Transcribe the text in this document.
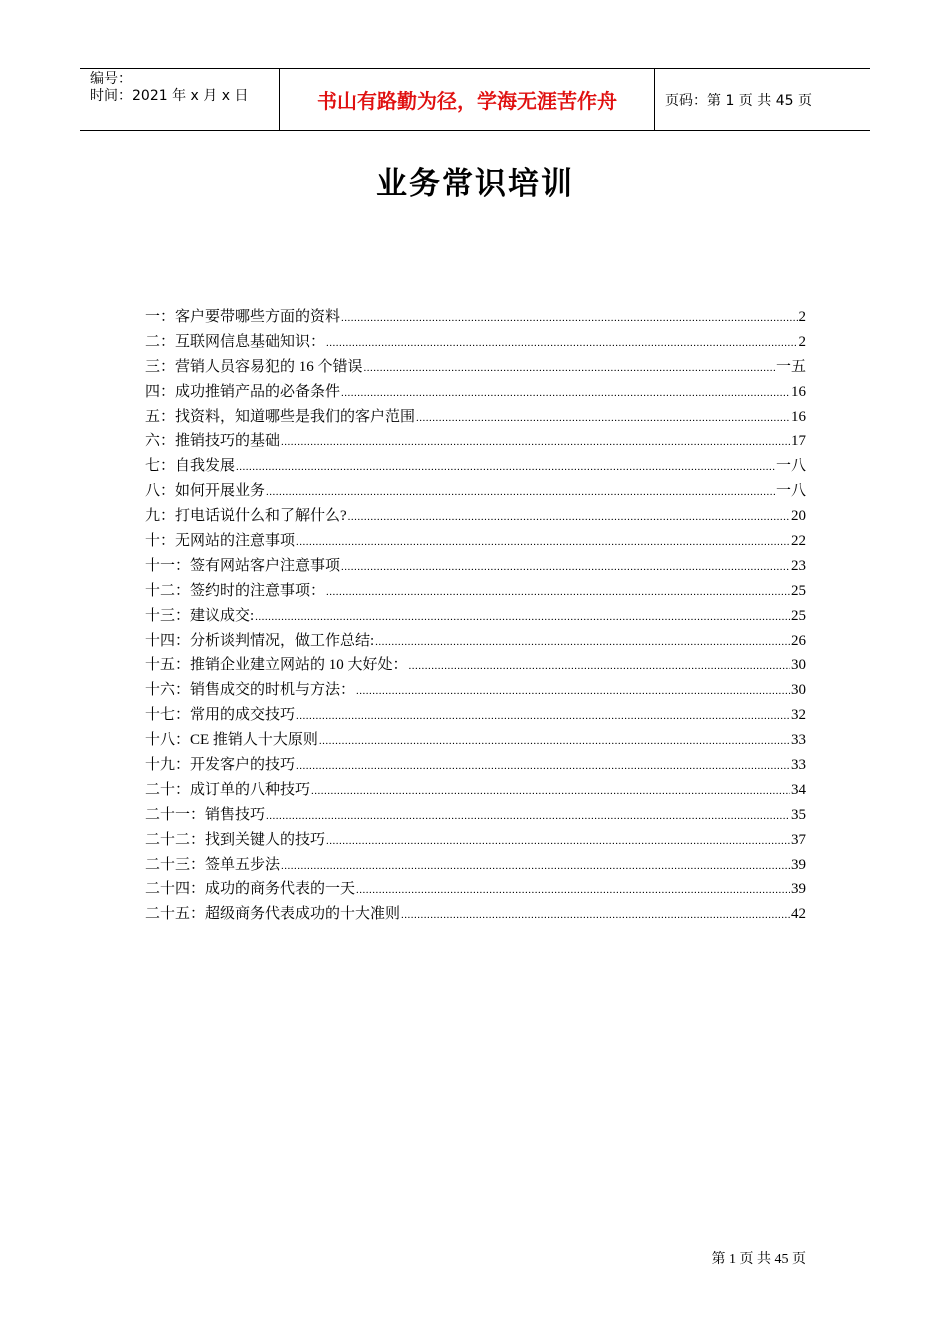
编号：
时间：2021 年 x 月 x 日	书山有路勤为径，学海无涯苦作舟	页码：第 1 页 共 45 页
业务常识培训
一：客户要带哪些方面的资料 .....	2
二：互联网信息基础知识： .....	2
三：营销人员容易犯的 16 个错误 .....	一五
四：成功推销产品的必备条件 .....	16
五：找资料，知道哪些是我们的客户范围 .....	16
六：推销技巧的基础 .....	17
七：自我发展 .....	一八
八：如何开展业务 .....	一八
九：打电话说什么和了解什么? .....	20
十：无网站的注意事项 .....	22
十一：签有网站客户注意事项 .....	23
十二：签约时的注意事项： .....	25
十三：建议成交: .....	25
十四：分析谈判情况，做工作总结: .....	26
十五：推销企业建立网站的 10 大好处： .....	30
十六：销售成交的时机与方法： .....	30
十七：常用的成交技巧 .....	32
十八：CE 推销人十大原则 .....	33
十九：开发客户的技巧 .....	33
二十：成订单的八种技巧 .....	34
二十一：销售技巧 .....	35
二十二：找到关键人的技巧 .....	37
二十三：签单五步法 .....	39
二十四：成功的商务代表的一天 .....	39
二十五：超级商务代表成功的十大准则 .....	42
第 1 页 共 45 页
